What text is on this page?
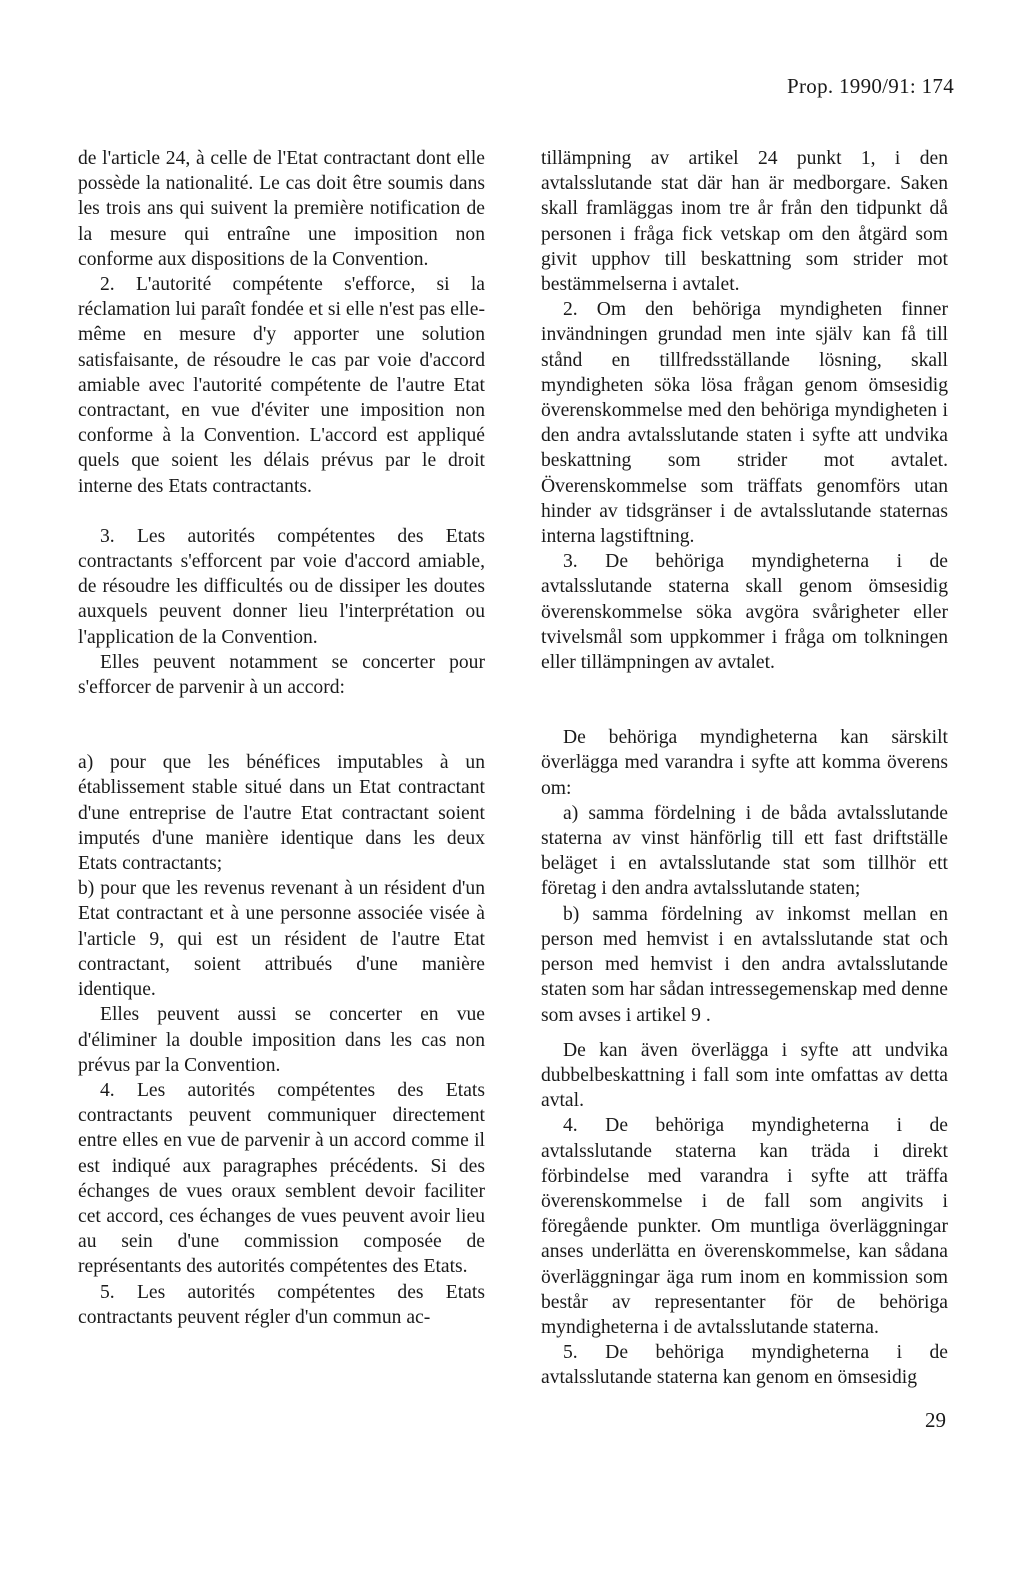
Prop. 1990/91: 174

de l'article 24, à celle de l'Etat contractant dont elle possède la nationalité. Le cas doit être soumis dans les trois ans qui suivent la première notification de la mesure qui entraîne une imposition non conforme aux dispositions de la Convention.

2. L'autorité compétente s'efforce, si la réclamation lui paraît fondée et si elle n'est pas elle-même en mesure d'y apporter une solution satisfaisante, de résoudre le cas par voie d'accord amiable avec l'autorité compétente de l'autre Etat contractant, en vue d'éviter une imposition non conforme à la Convention. L'accord est appliqué quels que soient les délais prévus par le droit interne des Etats contractants.

3. Les autorités compétentes des Etats contractants s'efforcent par voie d'accord amiable, de résoudre les difficultés ou de dissiper les doutes auxquels peuvent donner lieu l'interprétation ou l'application de la Convention.

Elles peuvent notamment se concerter pour s'efforcer de parvenir à un accord:

a) pour que les bénéfices imputables à un établissement stable situé dans un Etat contractant d'une entreprise de l'autre Etat contractant soient imputés d'une manière identique dans les deux Etats contractants;

b) pour que les revenus revenant à un résident d'un Etat contractant et à une personne associée visée à l'article 9, qui est un résident de l'autre Etat contractant, soient attribués d'une manière identique.

Elles peuvent aussi se concerter en vue d'éliminer la double imposition dans les cas non prévus par la Convention.

4. Les autorités compétentes des Etats contractants peuvent communiquer directement entre elles en vue de parvenir à un accord comme il est indiqué aux paragraphes précédents. Si des échanges de vues oraux semblent devoir faciliter cet accord, ces échanges de vues peuvent avoir lieu au sein d'une commission composée de représentants des autorités compétentes des Etats.

5. Les autorités compétentes des Etats contractants peuvent régler d'un commun ac-

tillämpning av artikel 24 punkt 1, i den avtalsslutande stat där han är medborgare. Saken skall framläggas inom tre år från den tidpunkt då personen i fråga fick vetskap om den åtgärd som givit upphov till beskattning som strider mot bestämmelserna i avtalet.

2. Om den behöriga myndigheten finner invändningen grundad men inte själv kan få till stånd en tillfredsställande lösning, skall myndigheten söka lösa frågan genom ömsesidig överenskommelse med den behöriga myndigheten i den andra avtalsslutande staten i syfte att undvika beskattning som strider mot avtalet. Överenskommelse som träffats genomförs utan hinder av tidsgränser i de avtalsslutande staternas interna lagstiftning.

3. De behöriga myndigheterna i de avtalsslutande staterna skall genom ömsesidig överenskommelse söka avgöra svårigheter eller tvivelsmål som uppkommer i fråga om tolkningen eller tillämpningen av avtalet.

De behöriga myndigheterna kan särskilt överlägga med varandra i syfte att komma överens om:

a) samma fördelning i de båda avtalsslutande staterna av vinst hänförlig till ett fast driftställe beläget i en avtalsslutande stat som tillhör ett företag i den andra avtalsslutande staten;

b) samma fördelning av inkomst mellan en person med hemvist i en avtalsslutande stat och person med hemvist i den andra avtalsslutande staten som har sådan intressegemenskap med denne som avses i artikel 9 .

De kan även överlägga i syfte att undvika dubbelbeskattning i fall som inte omfattas av detta avtal.

4. De behöriga myndigheterna i de avtalsslutande staterna kan träda i direkt förbindelse med varandra i syfte att träffa överenskommelse i de fall som angivits i föregående punkter. Om muntliga överläggningar anses underlätta en överenskommelse, kan sådana överläggningar äga rum inom en kommission som består av representanter för de behöriga myndigheterna i de avtalsslutande staterna.

5. De behöriga myndigheterna i de avtalsslutande staterna kan genom en ömsesidig

29
